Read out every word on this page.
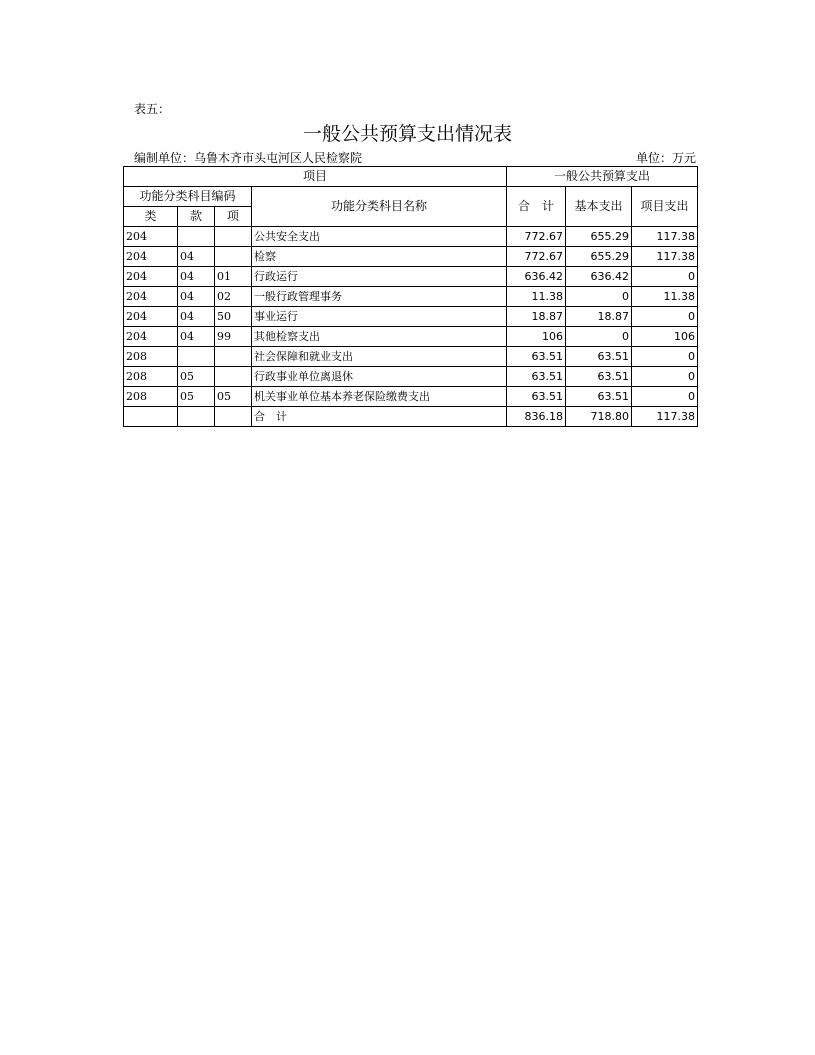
表五：
一般公共预算支出情况表
编制单位：乌鲁木齐市头屯河区人民检察院	单位：万元
项目				一般公共预算支出		
功能分类科目编码			功能分类科目名称	合　计	基本支出	项目支出
类	款	项				
204			公共安全支出	772.67	655.29	117.38
204	04		检察	772.67	655.29	117.38
204	04	01	行政运行	636.42	636.42	0
204	04	02	一般行政管理事务	11.38	0	11.38
204	04	50	事业运行	18.87	18.87	0
204	04	99	其他检察支出	106	0	106
208			社会保障和就业支出	63.51	63.51	0
208	05		行政事业单位离退休	63.51	63.51	0
208	05	05	机关事业单位基本养老保险缴费支出	63.51	63.51	0
			合　计	836.18	718.80	117.38
